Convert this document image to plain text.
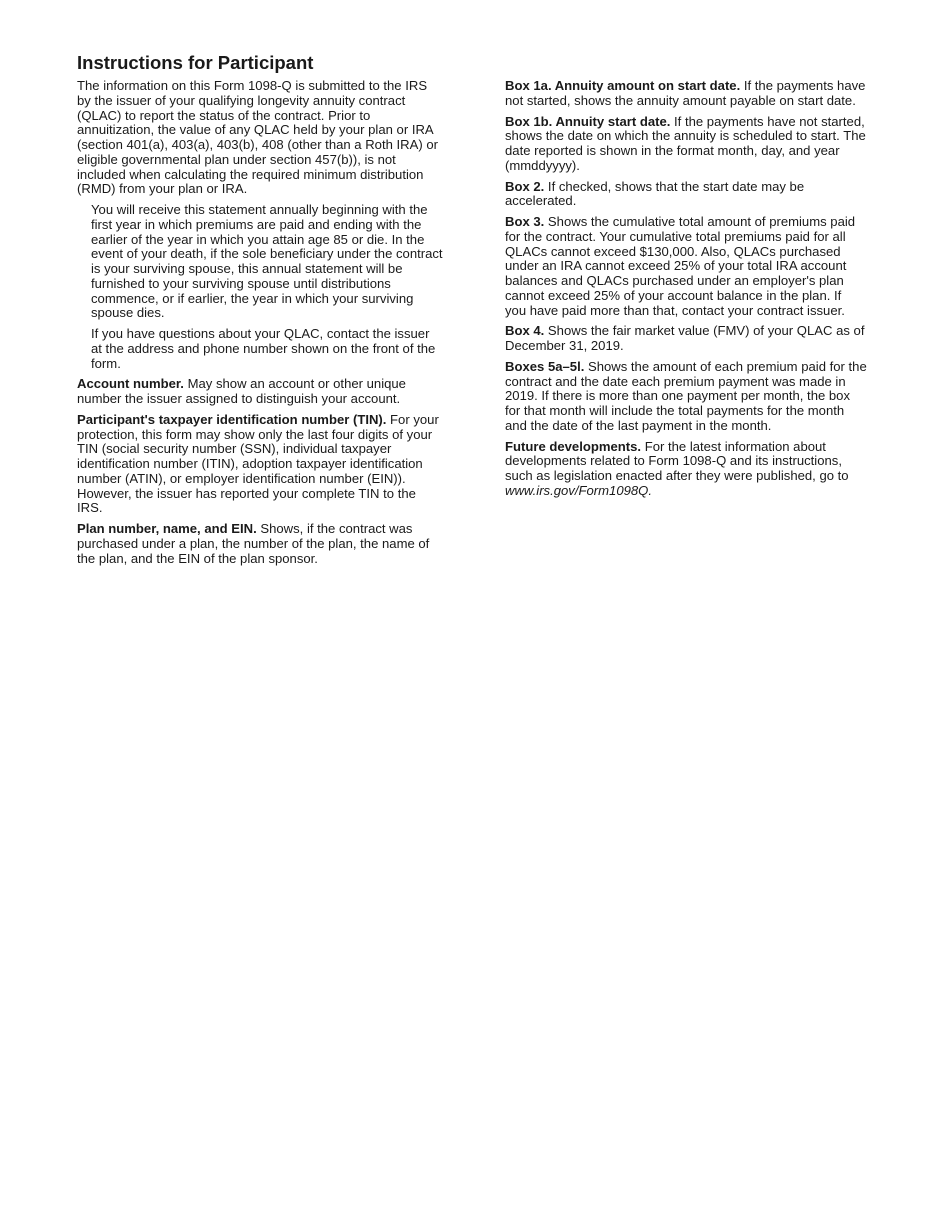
Instructions for Participant
The information on this Form 1098-Q is submitted to the IRS
by the issuer of your qualifying longevity annuity contract
(QLAC) to report the status of the contract. Prior to
annuitization, the value of any QLAC held by your plan or IRA
(section 401(a), 403(a), 403(b), 408 (other than a Roth IRA) or
eligible governmental plan under section 457(b)), is not
included when calculating the required minimum distribution
(RMD) from your plan or IRA.
You will receive this statement annually beginning with the
first year in which premiums are paid and ending with the
earlier of the year in which you attain age 85 or die. In the
event of your death, if the sole beneficiary under the contract
is your surviving spouse, this annual statement will be
furnished to your surviving spouse until distributions
commence, or if earlier, the year in which your surviving
spouse dies.
If you have questions about your QLAC, contact the issuer
at the address and phone number shown on the front of the
form.
Account number. May show an account or other unique
number the issuer assigned to distinguish your account.
Participant's taxpayer identification number (TIN). For your
protection, this form may show only the last four digits of your
TIN (social security number (SSN), individual taxpayer
identification number (ITIN), adoption taxpayer identification
number (ATIN), or employer identification number (EIN)).
However, the issuer has reported your complete TIN to the
IRS.
Plan number, name, and EIN. Shows, if the contract was
purchased under a plan, the number of the plan, the name of
the plan, and the EIN of the plan sponsor.
Box 1a. Annuity amount on start date. If the payments have
not started, shows the annuity amount payable on start date.
Box 1b. Annuity start date. If the payments have not started,
shows the date on which the annuity is scheduled to start. The
date reported is shown in the format month, day, and year
(mmddyyyy).
Box 2. If checked, shows that the start date may be
accelerated.
Box 3. Shows the cumulative total amount of premiums paid
for the contract. Your cumulative total premiums paid for all
QLACs cannot exceed $130,000. Also, QLACs purchased
under an IRA cannot exceed 25% of your total IRA account
balances and QLACs purchased under an employer's plan
cannot exceed 25% of your account balance in the plan. If
you have paid more than that, contact your contract issuer.
Box 4. Shows the fair market value (FMV) of your QLAC as of
December 31, 2019.
Boxes 5a–5l. Shows the amount of each premium paid for the
contract and the date each premium payment was made in
2019. If there is more than one payment per month, the box
for that month will include the total payments for the month
and the date of the last payment in the month.
Future developments. For the latest information about
developments related to Form 1098-Q and its instructions,
such as legislation enacted after they were published, go to
www.irs.gov/Form1098Q.
